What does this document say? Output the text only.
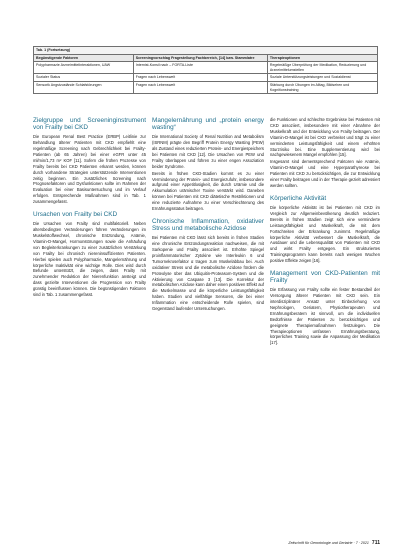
Tab. 1 (Fortsetzung)		
Begünstigende Faktoren	Screeningvorschlag Fragestellung Fachbereich, [14] bzw. Stammlatre	Therapieoptionen
Polypharmazie Arzneimittelinteraktionen, UAW	Internist-Konsil nach – FORTA-Liste	Regelmäßige Überprüfung der Medikation, Reduzierung und Arzneimittelumstellen
Sozialer Status	Fragen nach Lebenswelt	Soziale Unterstützungsleistungen und Sozialdienst
Sensorik Angstzustände Schlafstörungen	Fragen nach Lebenswelt	Stärkung durch Übungen im Alltag, Bildsehen und Kognitionstraining
Zielgruppe und Screeninginstrument von Frailty bei CKD
Die European Renal Best Practice (ERBP) Leitlinie zur Behandlung älterer Patienten mit CKD empfiehlt eine regelmäßige Screening nach Gebrechlichkeit bei Frailty-Patienten (ab 65 Jahren) bei einer eGFR unter 45 ml/min/1,73 m² KOF [11]. Sofern die frühen Prozesse von Frailty bereits bei CKD Patienten erkannt werden, können durch vorhandene Strategien unterstützende Interventionen zeitig beginnen. Ein zusätzliches Screening nach Prognosefaktoren und Dysfunktionen sollte im Rahmen der Evaluation bei einer Basisuntersuchung und im Verlauf erfolgen. Entsprechende Maßnahmen sind in Tab. 1 zusammengefasst.
Ursachen von Frailty bei CKD
Die Ursachen von Frailty sind multifaktoriell. Neben altersbedingten Veränderungen führen Veränderungen im Muskelstoffwechsel, chronische Entzündung, Anämie, Vitamin-D-Mangel, Hormonstörungen sowie die Anhäufung von Begleiterkrankungen zu einer zusätzlichen Verstärkung von Frailty bei chronisch niereninsuffizienten Patienten. Hierbei spielen auch Polypharmazie, Mangelernährung und körperliche Inaktivität eine wichtige Rolle. Dies wird durch Befunde unterstützt, die zeigen, dass Frailty mit zunehmender Reduktion der Nierenfunktion ansteigt und dass gezielte Interventionen die Progression von Frailty günstig beeinflussen können. Die begünstigenden Faktoren sind in Tab. 1 zusammengefasst.
Mangelernährung und „protein energy wasting“
Die International Society of Renal Nutrition and Metabolism (ISRNM) prägte den Begriff Protein Energy Wasting (PEW) als Zustand eines reduzierten Protein- und Energiespeichers bei Patienten mit CKD [12]. Die Ursachen von PEW und Frailty überlappen und führen zu einer engen Assoziation beider Syndrome.
Bereits in frühen CKD-Stadien kommt es zu einer Verminderung der Protein- und Energiezufuhr, insbesondere aufgrund einer Appetitlosigkeit, die durch Urämie und die Akkumulation urämischer Toxine verstärkt wird. Daneben können bei Patienten mit CKD diätetische Restriktionen und eine reduzierte Aufnahme zu einer Verschlechterung des Ernährungsstatus beitragen.
Chronische Inflammation, oxidativer Stress und metabolische Azidose
Bei Patienten mit CKD lässt sich bereits in frühen Stadien eine chronische Entzündungsreaktion nachweisen, die mit Sarkopenie und Frailty assoziiert ist. Erhöhte Spiegel proinflammatorischer Zytokine wie Interleukin 6 und Tumornekrosefaktor α tragen zum Muskelabbau bei. Auch oxidativer Stress und die metabolische Azidose fördern die Proteolyse über das Ubiquitin-Proteasom-System und die Aktivierung von Caspase 3 [13]. Die Korrektur der metabolischen Azidose kann daher einen positiven Effekt auf die Muskelmasse und die körperliche Leistungsfähigkeit haben. Studien und vielfältige Sensoren, die bei einer Inflammation eine entscheidende Rolle spielen, sind Gegenstand laufender Untersuchungen.
die Funktionen und schlechte Ergebnisse bei Patienten mit CKD assoziiert, insbesondere mit einer Abnahme der Muskelkraft und der Entwicklung von Frailty beitragen. Der Vitamin-D-Mangel ist bei CKD verbreitet und trägt zu einer verminderten Leistungsfähigkeit und einem erhöhten Sturzrisiko bei. Eine Supplementierung wird bei nachgewiesenem Mangel empfohlen [15].
Insgesamt sind dementsprechend Faktoren wie Anämie, Vitamin-D-Mangel und eine Hyperparathyreose bei Patienten mit CKD zu berücksichtigen, die zur Entwicklung einer Frailty beitragen und in der Therapie gezielt adressiert werden sollten.
Körperliche Aktivität
Die körperliche Aktivität ist bei Patienten mit CKD im Vergleich zur Allgemeinbevölkerung deutlich reduziert. Bereits in frühen Stadien zeigt sich eine verminderte Leistungsfähigkeit und Muskelkraft, die mit dem Fortschreiten der Erkrankung zunimmt. Regelmäßige körperliche Aktivität verbessert die Muskelkraft, die Ausdauer und die Lebensqualität von Patienten mit CKD und wirkt Frailty entgegen. Ein strukturiertes Trainingsprogramm kann bereits nach wenigen Wochen positive Effekte zeigen [16].
Management von CKD-Patienten mit Frailty
Die Erfassung von Frailty sollte ein fester Bestandteil der Versorgung älterer Patienten mit CKD sein. Ein interdisziplinärer Ansatz unter Einbeziehung von Nephrologen, Geriatern, Physiotherapeuten und Ernährungsberatern ist sinnvoll, um die individuellen Bedürfnisse der Patienten zu berücksichtigen und geeignete Therapiemaßnahmen festzulegen. Die Therapieoptionen umfassen Ernährungsberatung, körperliches Training sowie die Anpassung der Medikation [17].
Zeitschrift für Gerontologie und Geriatrie · 7 · 2021 711
